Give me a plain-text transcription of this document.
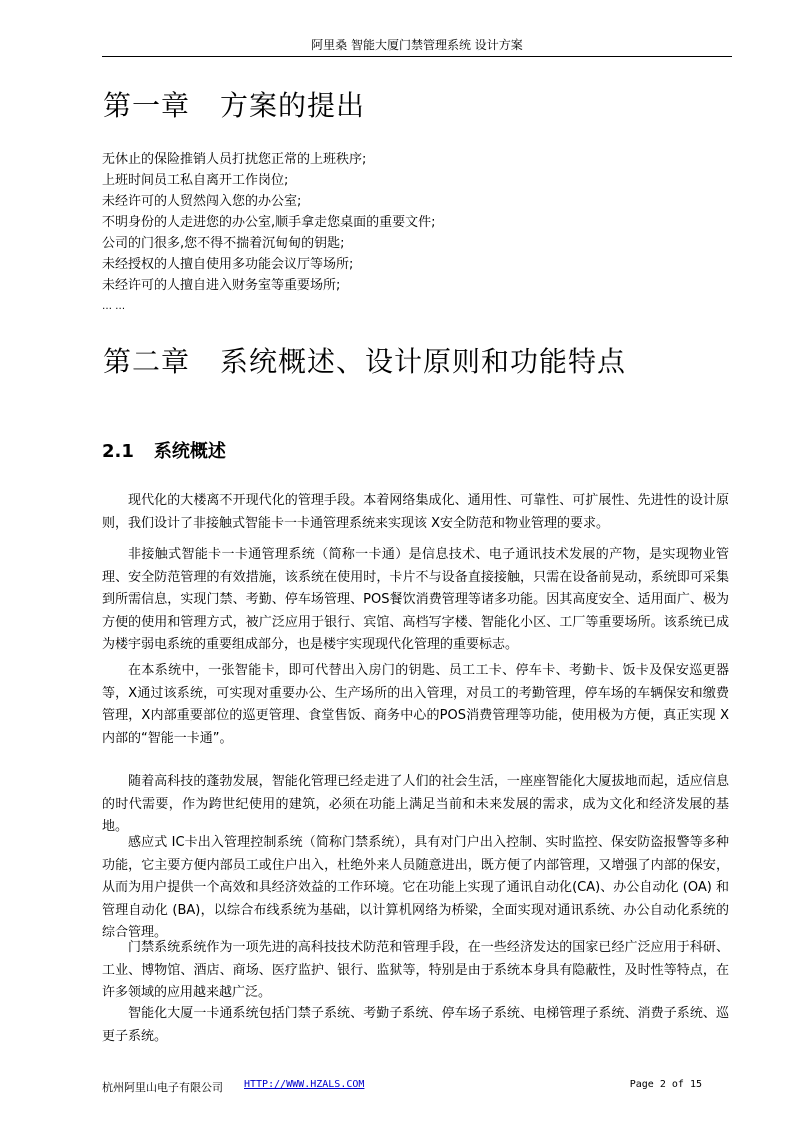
阿里桑 智能大厦门禁管理系统 设计方案
第一章 方案的提出
无休止的保险推销人员打扰您正常的上班秩序;
上班时间员工私自离开工作岗位;
未经许可的人贸然闯入您的办公室;
不明身份的人走进您的办公室,顺手拿走您桌面的重要文件;
公司的门很多,您不得不揣着沉甸甸的钥匙;
未经授权的人擅自使用多功能会议厅等场所;
未经许可的人擅自进入财务室等重要场所;
… …
第二章 系统概述、设计原则和功能特点
2.1 系统概述

现代化的大楼离不开现代化的管理手段。本着网络集成化、通用性、可靠性、可扩展性、先进性的设计原则，我们设计了非接触式智能卡一卡通管理系统来实现该 X安全防范和物业管理的要求。

非接触式智能卡一卡通管理系统（简称一卡通）是信息技术、电子通讯技术发展的产物，是实现物业管理、安全防范管理的有效措施，该系统在使用时，卡片不与设备直接接触，只需在设备前晃动，系统即可采集到所需信息，实现门禁、考勤、停车场管理、POS餐饮消费管理等诸多功能。因其高度安全、适用面广、极为方便的使用和管理方式，被广泛应用于银行、宾馆、高档写字楼、智能化小区、工厂等重要场所。该系统已成为楼宇弱电系统的重要组成部分，也是楼宇实现现代化管理的重要标志。

在本系统中，一张智能卡，即可代替出入房门的钥匙、员工工卡、停车卡、考勤卡、饭卡及保安巡更器等，X通过该系统，可实现对重要办公、生产场所的出入管理，对员工的考勤管理，停车场的车辆保安和缴费管理，X内部重要部位的巡更管理、食堂售饭、商务中心的POS消费管理等功能，使用极为方便，真正实现 X内部的“智能一卡通”。

随着高科技的蓬勃发展，智能化管理已经走进了人们的社会生活，一座座智能化大厦拔地而起，适应信息的时代需要，作为跨世纪使用的建筑，必须在功能上满足当前和未来发展的需求，成为文化和经济发展的基地。

感应式 IC卡出入管理控制系统（简称门禁系统），具有对门户出入控制、实时监控、保安防盗报警等多种功能，它主要方便内部员工或住户出入，杜绝外来人员随意进出，既方便了内部管理，又增强了内部的保安，从而为用户提供一个高效和具经济效益的工作环境。它在功能上实现了通讯自动化(CA)、办公自动化 (OA) 和管理自动化 (BA)，以综合布线系统为基础，以计算机网络为桥梁，全面实现对通讯系统、办公自动化系统的综合管理。

门禁系统系统作为一项先进的高科技技术防范和管理手段，在一些经济发达的国家已经广泛应用于科研、工业、博物馆、酒店、商场、医疗监护、银行、监狱等，特别是由于系统本身具有隐蔽性，及时性等特点，在许多领域的应用越来越广泛。

智能化大厦一卡通系统包括门禁子系统、考勤子系统、停车场子系统、电梯管理子系统、消费子系统、巡更子系统。

杭州阿里山电子有限公司 HTTP://WWW.HZALS.COM	Page 2 of 15
